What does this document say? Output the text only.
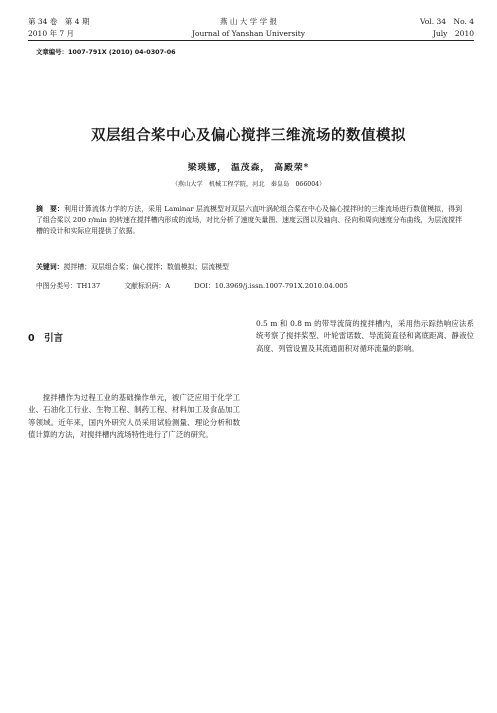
第 34 卷　第 4 期
2010 年 7 月
燕 山 大 学 学 报
Journal of Yanshan University
Vol. 34　No. 4
July　2010
文章编号：1007-791X (2010) 04-0307-06
双层组合桨中心及偏心搅拌三维流场的数值模拟
梁瑛娜， 温茂森， 高殿荣*
（燕山大学　机械工程学院，河北　秦皇岛　066004）
摘　要：利用计算流体力学的方法，采用 Laminar 层流模型对双层六直叶涡轮组合桨在中心及偏心搅拌时的三维流场进行数值模拟，得到了组合桨以 200 r/min 的转速在搅拌槽内形成的流场，对比分析了速度矢量图、速度云图以及轴向、径向和周向速度分布曲线，为层流搅拌槽的设计和实际应用提供了依据。
关键词：搅拌槽；双层组合桨；偏心搅拌；数值模拟；层流模型
中图分类号：TH137	文献标识码：A	DOI：10.3969/j.issn.1007-791X.2010.04.005
0　引言

搅拌槽作为过程工业的基础操作单元，被广泛应用于化学工业、石油化工行业、生物工程、制药工程、材料加工及食品加工等领域。近年来，国内外研究人员采用试验测量、理论分析和数值计算的方法，对搅拌槽内流场特性进行了广泛的研究。

0.5 m 和 0.8 m 的带导流筒的搅拌槽内，采用热示踪热响应法系统考察了搅拌桨型、叶轮雷诺数、导流筒直径和离底距离、静液位高度、列管设置及其流通面积对循环流量的影响。
